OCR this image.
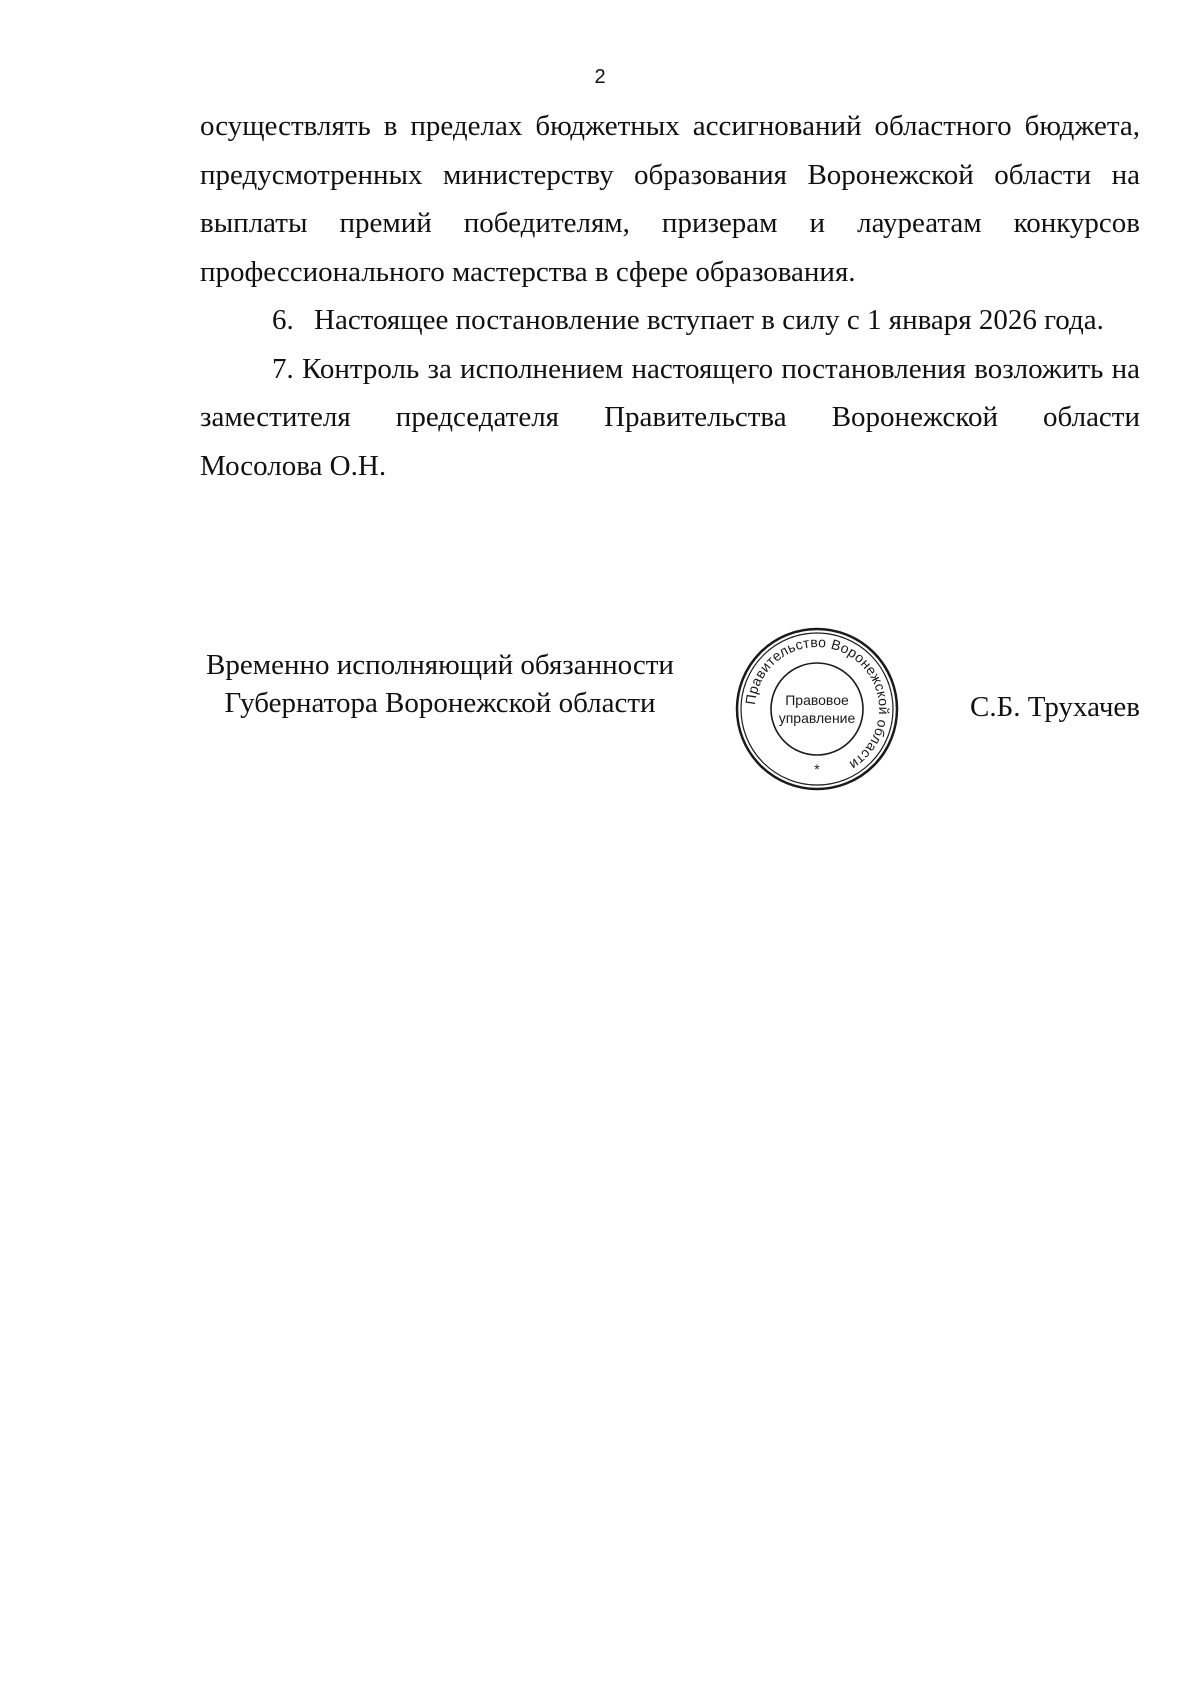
2
осуществлять в пределах бюджетных ассигнований областного бюджета,
предусмотренных министерству образования Воронежской области на
выплаты премий победителям, призерам и лауреатам конкурсов
профессионального мастерства в сфере образования.
6. Настоящее постановление вступает в силу с 1 января 2026 года.
7. Контроль за исполнением настоящего постановления возложить на
заместителя председателя Правительства Воронежской области
Мосолова О.Н.
Временно исполняющий обязанности
Губернатора Воронежской области	Правительство Воронежской области
Правовое
управление
*
С.Б. Трухачев
